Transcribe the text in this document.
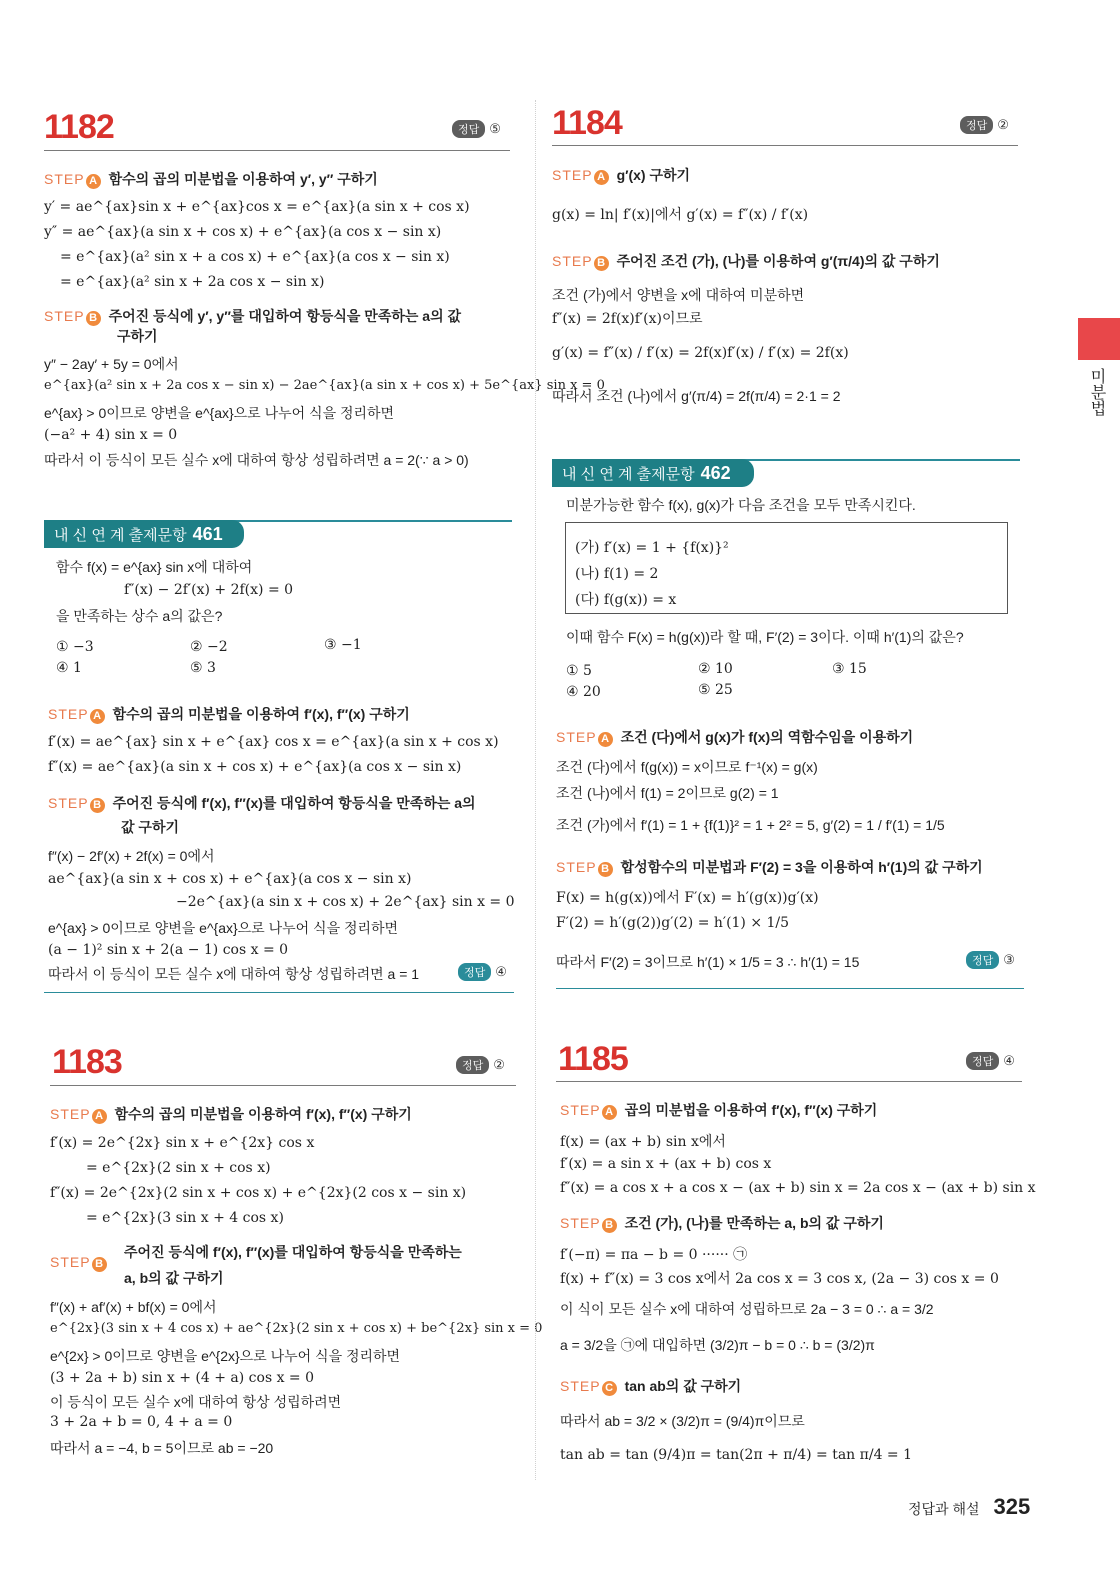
1182	정답 ⑤
STEP A 함수의 곱의 미분법을 이용하여 y′, y″ 구하기
y′ = ae^{ax}sin x + e^{ax}cos x = e^{ax}(a sin x + cos x)
y″ = ae^{ax}(a sin x + cos x) + e^{ax}(a cos x − sin x)
= e^{ax}(a² sin x + a cos x) + e^{ax}(a cos x − sin x)
= e^{ax}(a² sin x + 2a cos x − sin x)
STEP B 주어진 등식에 y′, y″를 대입하여 항등식을 만족하는 a의 값
구하기
y″ − 2ay′ + 5y = 0에서
e^{ax}(a² sin x + 2a cos x − sin x) − 2ae^{ax}(a sin x + cos x) + 5e^{ax} sin x = 0
e^{ax} > 0이므로 양변을 e^{ax}으로 나누어 식을 정리하면
(−a² + 4) sin x = 0
따라서 이 등식이 모든 실수 x에 대하여 항상 성립하려면 a = 2(∵ a > 0)
내 신 연 계 출제문항 461
함수 f(x) = e^{ax} sin x에 대하여
f″(x) − 2f′(x) + 2f(x) = 0
을 만족하는 상수 a의 값은?
① −3	② −2	③ −1
④ 1	⑤ 3
STEP A 함수의 곱의 미분법을 이용하여 f′(x), f″(x) 구하기
f′(x) = ae^{ax} sin x + e^{ax} cos x = e^{ax}(a sin x + cos x)
f″(x) = ae^{ax}(a sin x + cos x) + e^{ax}(a cos x − sin x)
STEP B 주어진 등식에 f′(x), f″(x)를 대입하여 항등식을 만족하는 a의
값 구하기
f″(x) − 2f′(x) + 2f(x) = 0에서
ae^{ax}(a sin x + cos x) + e^{ax}(a cos x − sin x)
−2e^{ax}(a sin x + cos x) + 2e^{ax} sin x = 0
e^{ax} > 0이므로 양변을 e^{ax}으로 나누어 식을 정리하면
(a − 1)² sin x + 2(a − 1) cos x = 0
따라서 이 등식이 모든 실수 x에 대하여 항상 성립하려면 a = 1	정답 ④
1183	정답 ②
STEP A 함수의 곱의 미분법을 이용하여 f′(x), f″(x) 구하기
f′(x) = 2e^{2x} sin x + e^{2x} cos x
= e^{2x}(2 sin x + cos x)
f″(x) = 2e^{2x}(2 sin x + cos x) + e^{2x}(2 cos x − sin x)
= e^{2x}(3 sin x + 4 cos x)
STEP B
주어진 등식에 f′(x), f″(x)를 대입하여 항등식을 만족하는
a, b의 값 구하기
f″(x) + af′(x) + bf(x) = 0에서
e^{2x}(3 sin x + 4 cos x) + ae^{2x}(2 sin x + cos x) + be^{2x} sin x = 0
e^{2x} > 0이므로 양변을 e^{2x}으로 나누어 식을 정리하면
(3 + 2a + b) sin x + (4 + a) cos x = 0
이 등식이 모든 실수 x에 대하여 항상 성립하려면
3 + 2a + b = 0, 4 + a = 0
따라서 a = −4, b = 5이므로 ab = −20
1184	정답 ②
STEP A g′(x) 구하기
g(x) = ln| f′(x)|에서 g′(x) = f″(x) / f′(x)
STEP B 주어진 조건 (가), (나)를 이용하여 g′(π/4)의 값 구하기
조건 (가)에서 양변을 x에 대하여 미분하면
f″(x) = 2f(x)f′(x)이므로
g′(x) = f″(x) / f′(x) = 2f(x)f′(x) / f′(x) = 2f(x)
따라서 조건 (나)에서 g′(π/4) = 2f(π/4) = 2·1 = 2
내 신 연 계 출제문항 462
미분가능한 함수 f(x), g(x)가 다음 조건을 모두 만족시킨다.
(가) f′(x) = 1 + {f(x)}²
(나) f(1) = 2
(다) f(g(x)) = x
이때 함수 F(x) = h(g(x))라 할 때, F′(2) = 3이다. 이때 h′(1)의 값은?
① 5	② 10	③ 15
④ 20	⑤ 25
STEP A 조건 (다)에서 g(x)가 f(x)의 역함수임을 이용하기
조건 (다)에서 f(g(x)) = x이므로 f⁻¹(x) = g(x)
조건 (나)에서 f(1) = 2이므로 g(2) = 1
조건 (가)에서 f′(1) = 1 + {f(1)}² = 1 + 2² = 5, g′(2) = 1 / f′(1) = 1/5
STEP B 합성함수의 미분법과 F′(2) = 3을 이용하여 h′(1)의 값 구하기
F(x) = h(g(x))에서 F′(x) = h′(g(x))g′(x)
F′(2) = h′(g(2))g′(2) = h′(1) × 1/5
따라서 F′(2) = 3이므로 h′(1) × 1/5 = 3 ∴ h′(1) = 15	정답 ③
1185	정답 ④
STEP A 곱의 미분법을 이용하여 f′(x), f″(x) 구하기
f(x) = (ax + b) sin x에서
f′(x) = a sin x + (ax + b) cos x
f″(x) = a cos x + a cos x − (ax + b) sin x = 2a cos x − (ax + b) sin x
STEP B 조건 (가), (나)를 만족하는 a, b의 값 구하기
f′(−π) = πa − b = 0 ······ ㉠
f(x) + f″(x) = 3 cos x에서 2a cos x = 3 cos x, (2a − 3) cos x = 0
이 식이 모든 실수 x에 대하여 성립하므로 2a − 3 = 0 ∴ a = 3/2
a = 3/2을 ㉠에 대입하면 (3/2)π − b = 0 ∴ b = (3/2)π
STEP C tan ab의 값 구하기
따라서 ab = 3/2 × (3/2)π = (9/4)π이므로
tan ab = tan (9/4)π = tan(2π + π/4) = tan π/4 = 1
미분법
정답과 해설 325
